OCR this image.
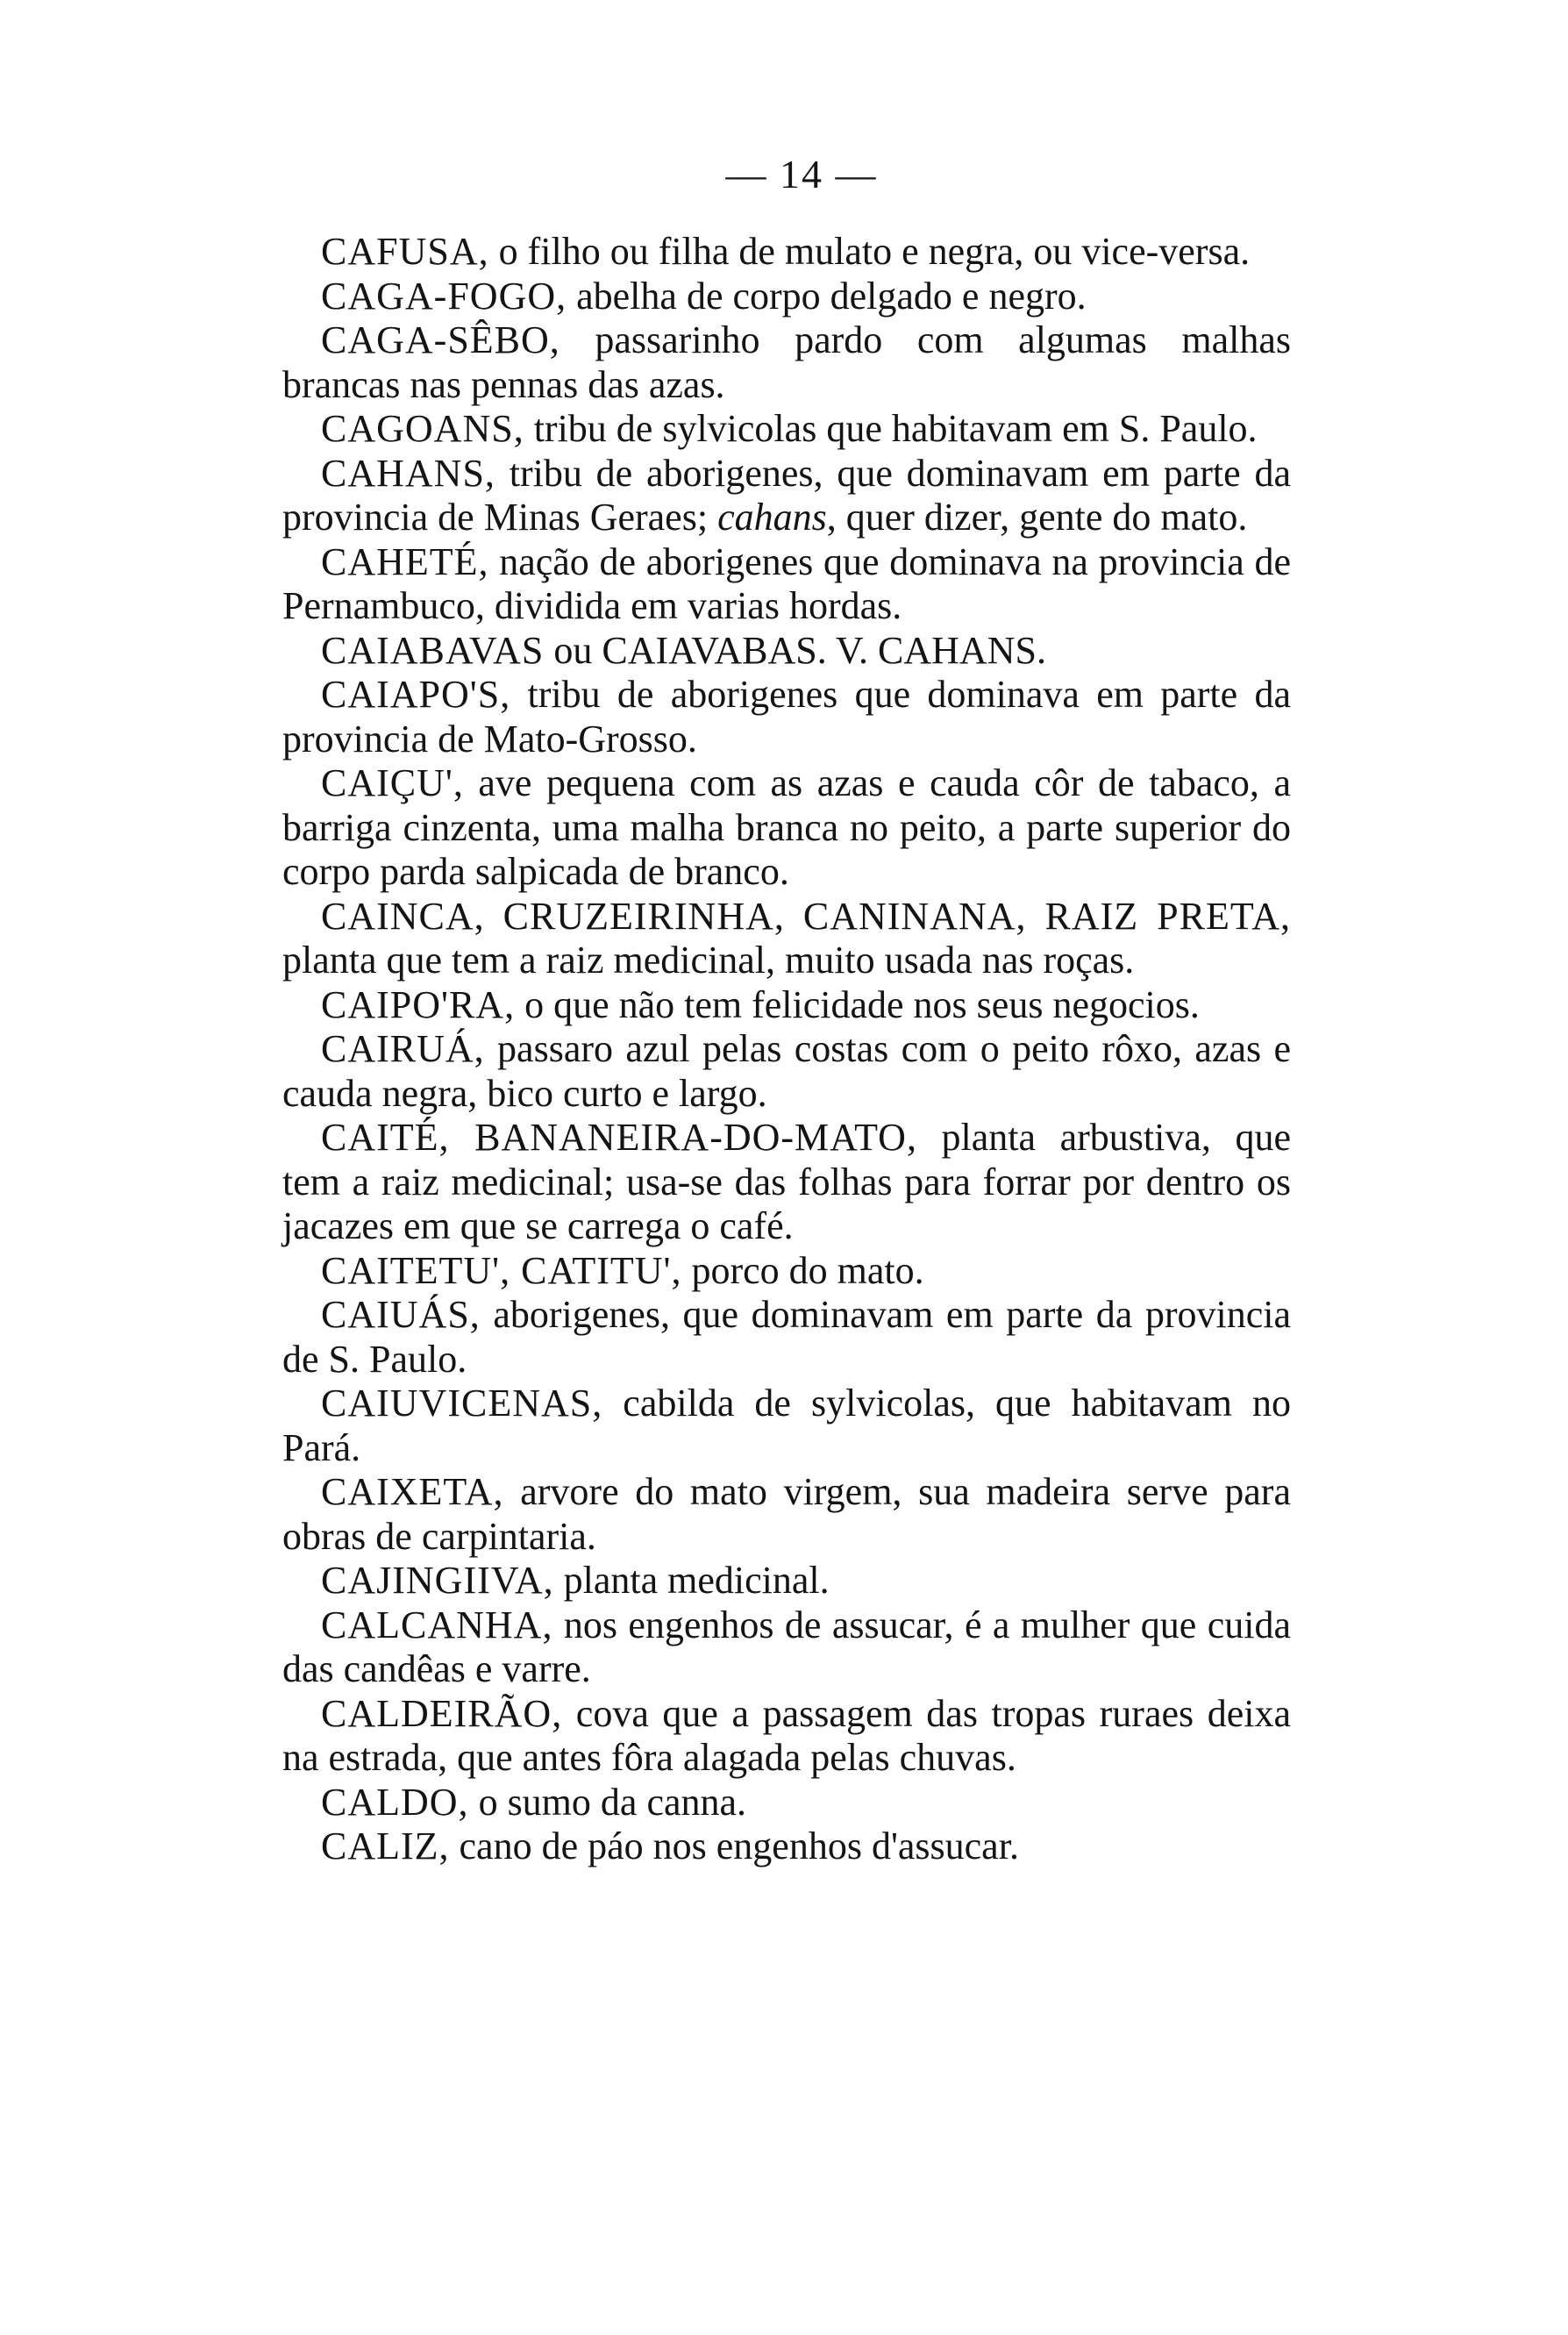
— 14 —

CAFUSA, o filho ou filha de mulato e negra, ou vice-versa.

CAGA-FOGO, abelha de corpo delgado e negro.

CAGA-SÊBO, passarinho pardo com algumas malhas brancas nas pennas das azas.

CAGOANS, tribu de sylvicolas que habitavam em S. Paulo.

CAHANS, tribu de aborigenes, que dominavam em parte da provincia de Minas Geraes; cahans, quer dizer, gente do mato.

CAHETÉ, nação de aborigenes que dominava na provincia de Pernambuco, dividida em varias hordas.

CAIABAVAS ou CAIAVABAS. V. CAHANS.

CAIAPO'S, tribu de aborigenes que dominava em parte da provincia de Mato-Grosso.

CAIÇU', ave pequena com as azas e cauda côr de tabaco, a barriga cinzenta, uma malha branca no peito, a parte superior do corpo parda salpicada de branco.

CAINCA, CRUZEIRINHA, CANINANA, RAIZ PRETA, planta que tem a raiz medicinal, muito usada nas roças.

CAIPO'RA, o que não tem felicidade nos seus negocios.

CAIRUÁ, passaro azul pelas costas com o peito rôxo, azas e cauda negra, bico curto e largo.

CAITÉ, BANANEIRA-DO-MATO, planta arbustiva, que tem a raiz medicinal; usa-se das folhas para forrar por dentro os jacazes em que se carrega o café.

CAITETU', CATITU', porco do mato.

CAIUÁS, aborigenes, que dominavam em parte da provincia de S. Paulo.

CAIUVICENAS, cabilda de sylvicolas, que habitavam no Pará.

CAIXETA, arvore do mato virgem, sua madeira serve para obras de carpintaria.

CAJINGIIVA, planta medicinal.

CALCANHA, nos engenhos de assucar, é a mulher que cuida das candêas e varre.

CALDEIRÃO, cova que a passagem das tropas ruraes deixa na estrada, que antes fôra alagada pelas chuvas.

CALDO, o sumo da canna.

CALIZ, cano de páo nos engenhos d'assucar.
